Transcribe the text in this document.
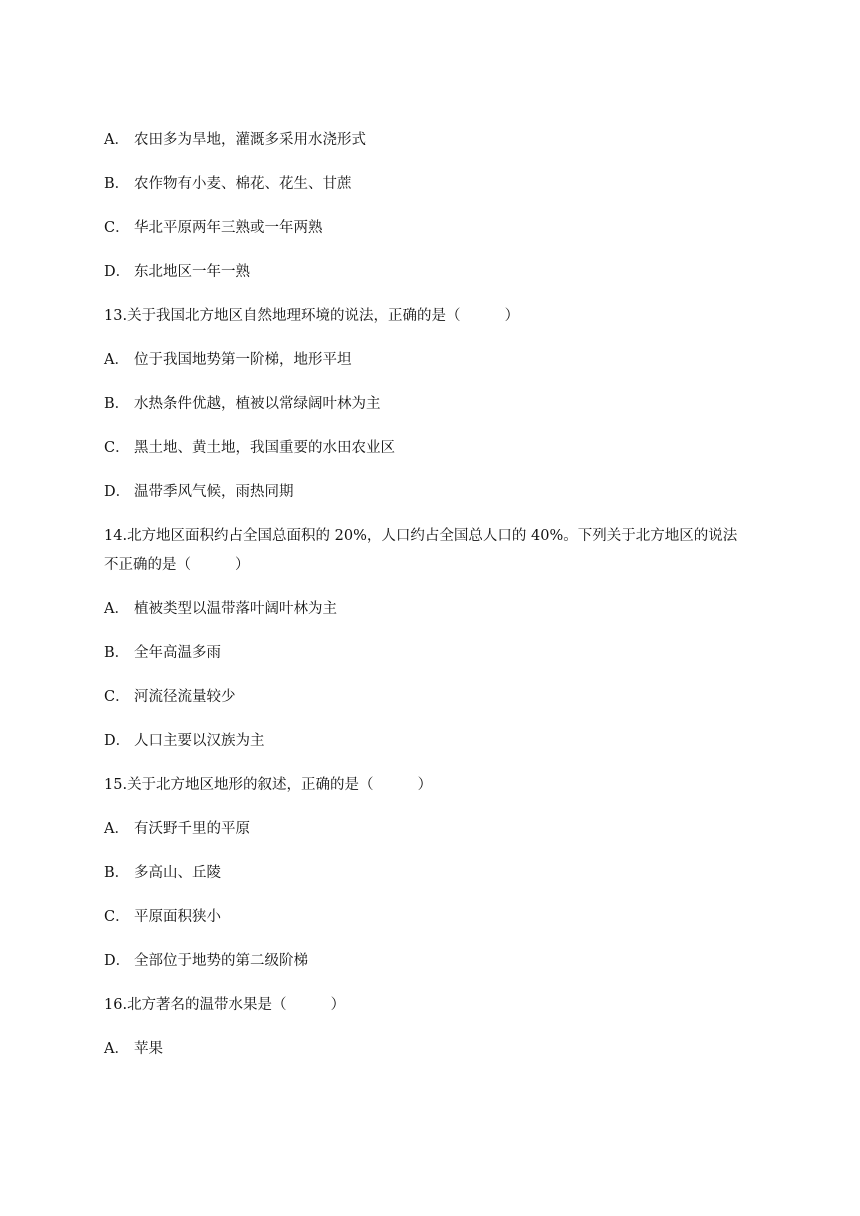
A． 农田多为旱地，灌溉多采用水浇形式
B． 农作物有小麦、棉花、花生、甘蔗
C． 华北平原两年三熟或一年两熟
D． 东北地区一年一熟
13.关于我国北方地区自然地理环境的说法，正确的是（	）
A． 位于我国地势第一阶梯，地形平坦
B． 水热条件优越，植被以常绿阔叶林为主
C． 黑土地、黄土地，我国重要的水田农业区
D． 温带季风气候，雨热同期
14.北方地区面积约占全国总面积的 20%，人口约占全国总人口的 40%。下列关于北方地区的说法
不正确的是（	）
A． 植被类型以温带落叶阔叶林为主
B． 全年高温多雨
C． 河流径流量较少
D． 人口主要以汉族为主
15.关于北方地区地形的叙述，正确的是（	）
A． 有沃野千里的平原
B． 多高山、丘陵
C． 平原面积狭小
D． 全部位于地势的第二级阶梯
16.北方著名的温带水果是（	）
A． 苹果
